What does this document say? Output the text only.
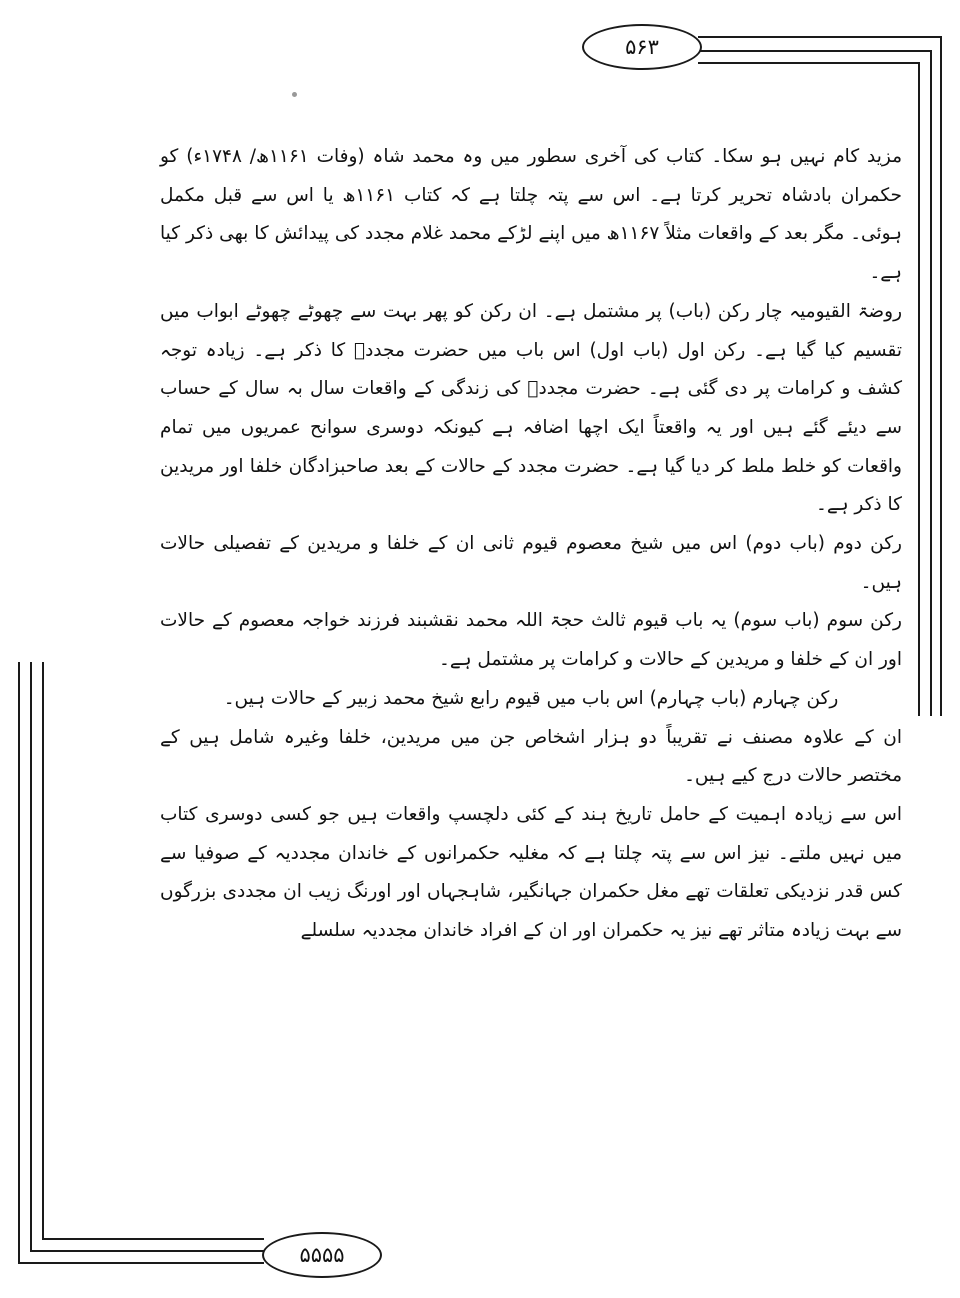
۵۶۳
۵۵۵۵

مزید کام نہیں ہو سکا۔ کتاب کی آخری سطور میں وہ محمد شاہ (وفات ۱۱۶۱ھ/ ۱۷۴۸ء) کو حکمران بادشاہ تحریر کرتا ہے۔ اس سے پتہ چلتا ہے کہ کتاب ۱۱۶۱ھ یا اس سے قبل مکمل ہوئی۔ مگر بعد کے واقعات مثلاً ۱۱۶۷ھ میں اپنے لڑکے محمد غلام مجدد کی پیدائش کا بھی ذکر کیا ہے۔

روضۃ القیومیہ چار رکن (باب) پر مشتمل ہے۔ ان رکن کو پھر بہت سے چھوٹے چھوٹے ابواب میں تقسیم کیا گیا ہے۔ رکن اول (باب اول) اس باب میں حضرت مجددؒ کا ذکر ہے۔ زیادہ توجہ کشف و کرامات پر دی گئی ہے۔ حضرت مجددؒ کی زندگی کے واقعات سال بہ سال کے حساب سے دیئے گئے ہیں اور یہ واقعتاً ایک اچھا اضافہ ہے کیونکہ دوسری سوانح عمریوں میں تمام واقعات کو خلط ملط کر دیا گیا ہے۔ حضرت مجدد کے حالات کے بعد صاحبزادگان خلفا اور مریدین کا ذکر ہے۔

رکن دوم (باب دوم) اس میں شیخ معصوم قیوم ثانی ان کے خلفا و مریدین کے تفصیلی حالات ہیں۔

رکن سوم (باب سوم) یہ باب قیوم ثالث حجۃ اللہ محمد نقشبند فرزند خواجہ معصوم کے حالات اور ان کے خلفا و مریدین کے حالات و کرامات پر مشتمل ہے۔

رکن چہارم (باب چہارم) اس باب میں قیوم رابع شیخ محمد زبیر کے حالات ہیں۔

ان کے علاوہ مصنف نے تقریباً دو ہزار اشخاص جن میں مریدین، خلفا وغیرہ شامل ہیں کے مختصر حالات درج کیے ہیں۔

اس سے زیادہ اہمیت کے حامل تاریخ ہند کے کئی دلچسپ واقعات ہیں جو کسی دوسری کتاب میں نہیں ملتے۔ نیز اس سے پتہ چلتا ہے کہ مغلیہ حکمرانوں کے خاندان مجددیہ کے صوفیا سے کس قدر نزدیکی تعلقات تھے مغل حکمران جہانگیر، شاہجہاں اور اورنگ زیب ان مجددی بزرگوں سے بہت زیادہ متاثر تھے نیز یہ حکمران اور ان کے افراد خاندان مجددیہ سلسلے
